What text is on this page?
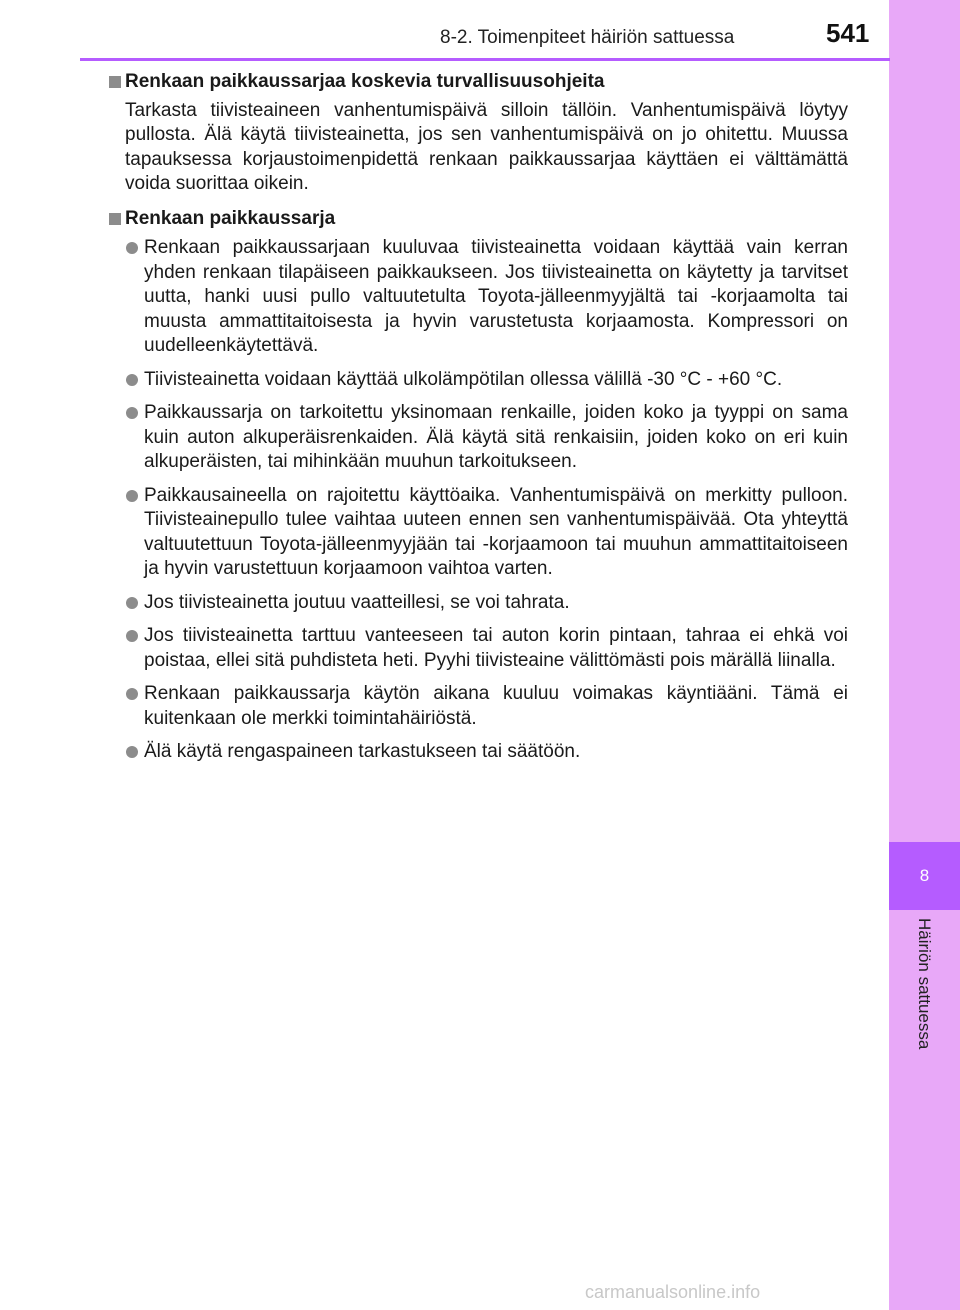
8
Häiriön sattuessa
8-2. Toimenpiteet häiriön sattuessa	541
Renkaan paikkaussarjaa koskevia turvallisuusohjeita
Tarkasta tiivisteaineen vanhentumispäivä silloin tällöin. Vanhentumispäivä löytyy pullosta. Älä käytä tiivisteainetta, jos sen vanhentumispäivä on jo ohitettu. Muussa tapauksessa korjaustoimenpidettä renkaan paikkaussarjaa käyttäen ei välttämättä voida suorittaa oikein.
Renkaan paikkaussarja
Renkaan paikkaussarjaan kuuluvaa tiivisteainetta voidaan käyttää vain kerran yhden renkaan tilapäiseen paikkaukseen. Jos tiivisteainetta on käytetty ja tarvitset uutta, hanki uusi pullo valtuutetulta Toyota-jälleenmyyjältä tai -korjaamolta tai muusta ammattitaitoisesta ja hyvin varustetusta korjaamosta. Kompressori on uudelleenkäytettävä.
Tiivisteainetta voidaan käyttää ulkolämpötilan ollessa välillä -30 °C - +60 °C.
Paikkaussarja on tarkoitettu yksinomaan renkaille, joiden koko ja tyyppi on sama kuin auton alkuperäisrenkaiden. Älä käytä sitä renkaisiin, joiden koko on eri kuin alkuperäisten, tai mihinkään muuhun tarkoitukseen.
Paikkausaineella on rajoitettu käyttöaika. Vanhentumispäivä on merkitty pulloon. Tiivisteainepullo tulee vaihtaa uuteen ennen sen vanhentumispäivää. Ota yhteyttä valtuutettuun Toyota-jälleenmyyjään tai -korjaamoon tai muuhun ammattitaitoiseen ja hyvin varustettuun korjaamoon vaihtoa varten.
Jos tiivisteainetta joutuu vaatteillesi, se voi tahrata.
Jos tiivisteainetta tarttuu vanteeseen tai auton korin pintaan, tahraa ei ehkä voi poistaa, ellei sitä puhdisteta heti. Pyyhi tiivisteaine välittömästi pois märällä liinalla.
Renkaan paikkaussarja käytön aikana kuuluu voimakas käyntiääni. Tämä ei kuitenkaan ole merkki toimintahäiriöstä.
Älä käytä rengaspaineen tarkastukseen tai säätöön.
carmanualsonline.info
